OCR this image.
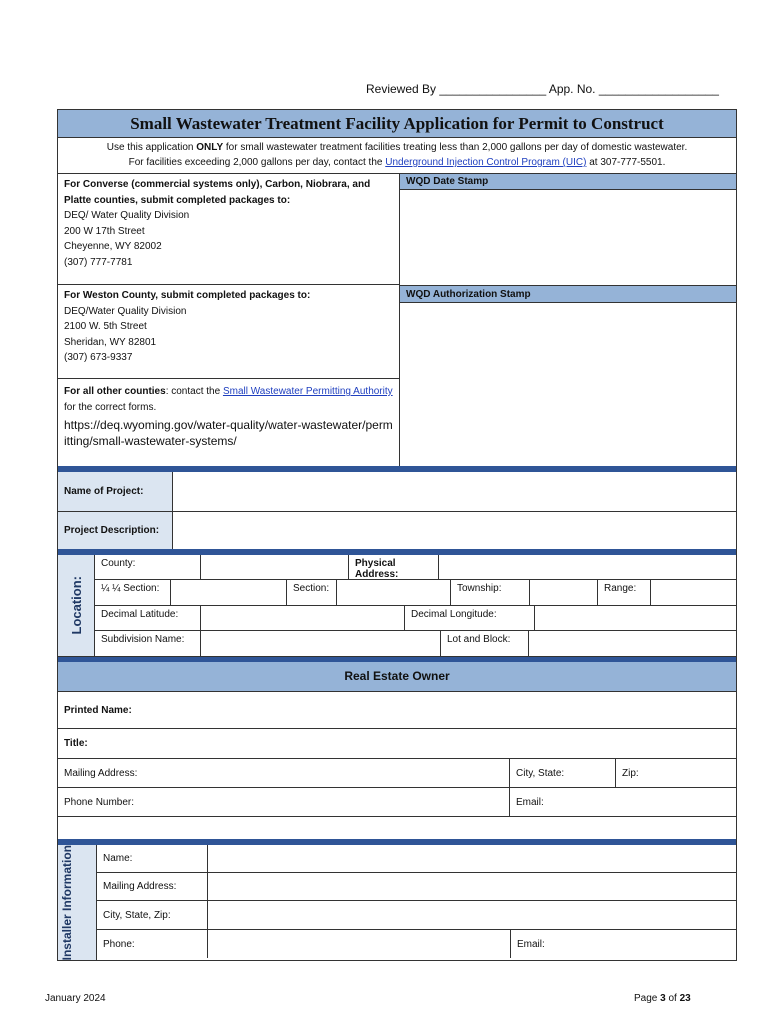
Reviewed By ________________ App. No. __________________
Small Wastewater Treatment Facility Application for Permit to Construct
Use this application ONLY for small wastewater treatment facilities treating less than 2,000 gallons per day of domestic wastewater.
For facilities exceeding 2,000 gallons per day, contact the Underground Injection Control Program (UIC) at 307-777-5501.
For Converse (commercial systems only), Carbon, Niobrara, and Platte counties, submit completed packages to:
DEQ/ Water Quality Division
200 W 17th Street
Cheyenne, WY 82002
(307) 777-7781
For Weston County, submit completed packages to:
DEQ/Water Quality Division
2100 W. 5th Street
Sheridan, WY 82801
(307) 673-9337
For all other counties: contact the Small Wastewater Permitting Authority for the correct forms.
https://deq.wyoming.gov/water-quality/water-wastewater/permitting/small-wastewater-systems/
WQD Date Stamp
WQD Authorization Stamp
Name of Project:
Project Description:
Location:
County:	Physical Address:
¼ ¼ Section:	Section:	Township:	Range:
Decimal Latitude:	Decimal Longitude:
Subdivision Name:	Lot and Block:
Real Estate Owner
Printed Name:
Title:
Mailing Address:	City, State:	Zip:
Phone Number:	Email:
Installer Information	Name:
Mailing Address:
City, State, Zip:
Phone:	Email:
January 2024	Page 3 of 23
